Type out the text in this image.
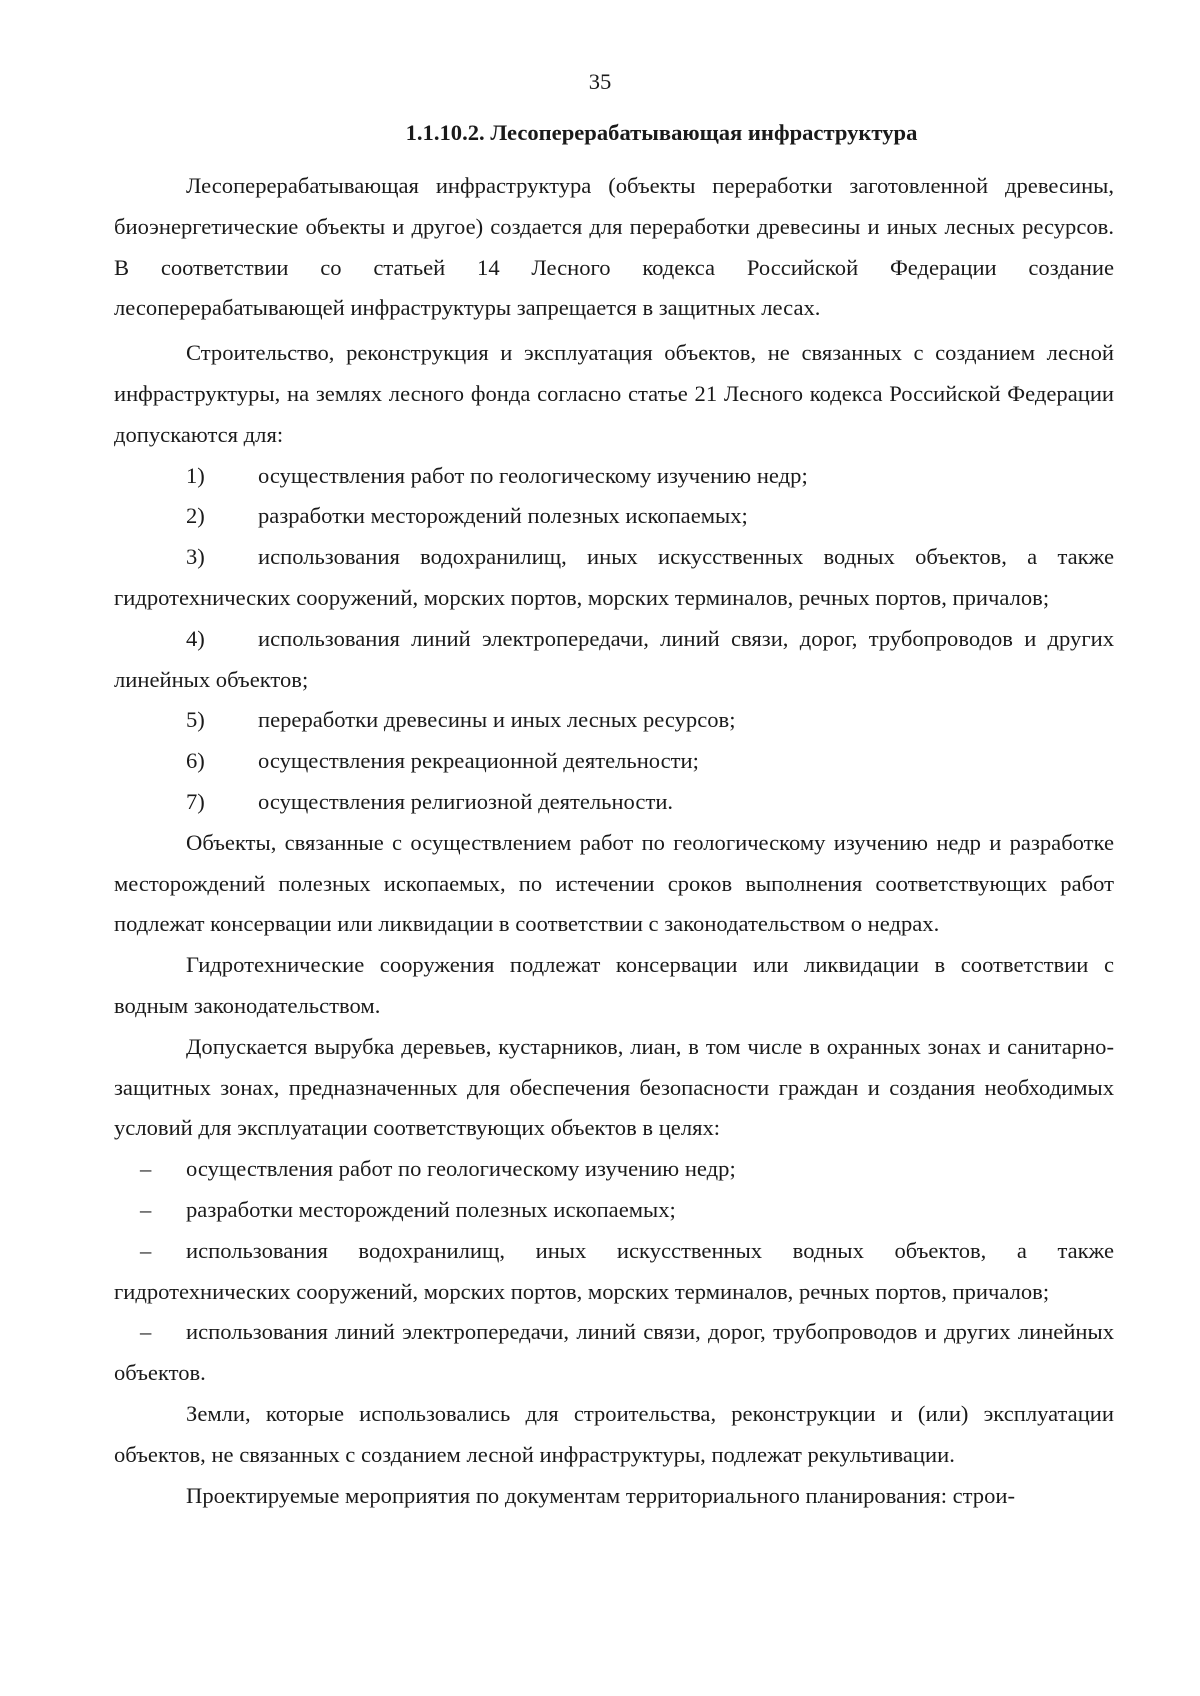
35
1.1.10.2. Лесоперерабатывающая инфраструктура

Лесоперерабатывающая инфраструктура (объекты переработки заготовленной древесины, биоэнергетические объекты и другое) создается для переработки древесины и иных лесных ресурсов. В соответствии со статьей 14 Лесного кодекса Российской Федерации создание лесоперерабатывающей инфраструктуры запрещается в защитных лесах.

Строительство, реконструкция и эксплуатация объектов, не связанных с созданием лесной инфраструктуры, на землях лесного фонда согласно статье 21 Лесного кодекса Российской Федерации допускаются для:

1) осуществления работ по геологическому изучению недр;

2) разработки месторождений полезных ископаемых;

3) использования водохранилищ, иных искусственных водных объектов, а также гидротехнических сооружений, морских портов, морских терминалов, речных портов, причалов;

4) использования линий электропередачи, линий связи, дорог, трубопроводов и других линейных объектов;

5) переработки древесины и иных лесных ресурсов;

6) осуществления рекреационной деятельности;

7) осуществления религиозной деятельности.

Объекты, связанные с осуществлением работ по геологическому изучению недр и разработке месторождений полезных ископаемых, по истечении сроков выполнения соответствующих работ подлежат консервации или ликвидации в соответствии с законодательством о недрах.

Гидротехнические сооружения подлежат консервации или ликвидации в соответствии с водным законодательством.

Допускается вырубка деревьев, кустарников, лиан, в том числе в охранных зонах и санитарно-защитных зонах, предназначенных для обеспечения безопасности граждан и создания необходимых условий для эксплуатации соответствующих объектов в целях:

– осуществления работ по геологическому изучению недр;

– разработки месторождений полезных ископаемых;

– использования водохранилищ, иных искусственных водных объектов, а также гидротехнических сооружений, морских портов, морских терминалов, речных портов, причалов;

– использования линий электропередачи, линий связи, дорог, трубопроводов и других линейных объектов.

Земли, которые использовались для строительства, реконструкции и (или) эксплуатации объектов, не связанных с созданием лесной инфраструктуры, подлежат рекультивации.

Проектируемые мероприятия по документам территориального планирования: строи-
